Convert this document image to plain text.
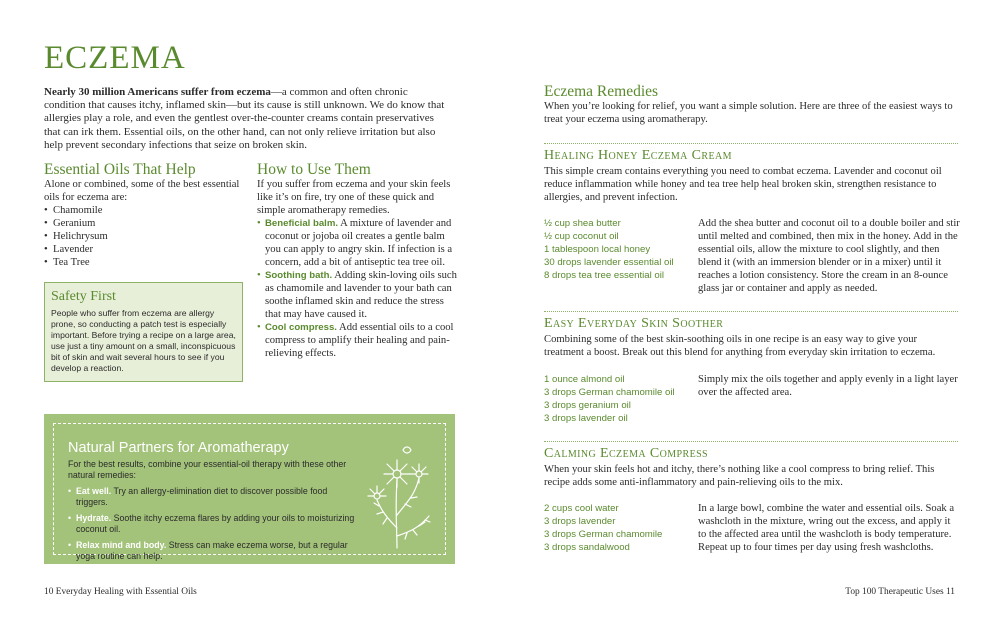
ECZEMA

Nearly 30 million Americans suffer from eczema—a common and often chronic condition that causes itchy, inflamed skin—but its cause is still unknown. We do know that allergies play a role, and even the gentlest over-the-counter creams contain preservatives that can irk them. Essential oils, on the other hand, can not only relieve irritation but also help prevent secondary infections that seize on broken skin.

Essential Oils That Help
Alone or combined, some of the best essential oils for eczema are:
• Chamomile
• Geranium
• Helichrysum
• Lavender
• Tea Tree
Safety First
People who suffer from eczema are allergy prone, so conducting a patch test is especially important. Before trying a recipe on a large area, use just a tiny amount on a small, inconspicuous bit of skin and wait several hours to see if you develop a reaction.
How to Use Them
If you suffer from eczema and your skin feels like it’s on fire, try one of these quick and simple aromatherapy remedies.
• Beneficial balm. A mixture of lavender and coconut or jojoba oil creates a gentle balm you can apply to angry skin. If infection is a concern, add a bit of antiseptic tea tree oil.
• Soothing bath. Adding skin-loving oils such as chamomile and lavender to your bath can soothe inflamed skin and reduce the stress that may have caused it.
• Cool compress. Add essential oils to a cool compress to amplify their healing and pain-relieving effects.
Natural Partners for Aromatherapy
For the best results, combine your essential-oil therapy with these other natural remedies:
• Eat well. Try an allergy-elimination diet to discover possible food triggers.
• Hydrate. Soothe itchy eczema flares by adding your oils to moisturizing coconut oil.
• Relax mind and body. Stress can make eczema worse, but a regular yoga routine can help.
10 Everyday Healing with Essential Oils
Eczema Remedies
When you’re looking for relief, you want a simple solution. Here are three of the easiest ways to treat your eczema using aromatherapy.
Healing Honey Eczema Cream
This simple cream contains everything you need to combat eczema. Lavender and coconut oil reduce inflammation while honey and tea tree help heal broken skin, strengthen resistance to allergies, and prevent infection.
½ cup shea butter
½ cup coconut oil
1 tablespoon local honey
30 drops lavender essential oil
8 drops tea tree essential oil
Add the shea butter and coconut oil to a double boiler and stir until melted and combined, then mix in the honey. Add in the essential oils, allow the mixture to cool slightly, and then blend it (with an immersion blender or in a mixer) until it reaches a lotion consistency. Store the cream in an 8-ounce glass jar or container and apply as needed.
Easy Everyday Skin Soother
Combining some of the best skin-soothing oils in one recipe is an easy way to give your treatment a boost. Break out this blend for anything from everyday skin irritation to eczema.
1 ounce almond oil
3 drops German chamomile oil
3 drops geranium oil
3 drops lavender oil
Simply mix the oils together and apply evenly in a light layer over the affected area.
Calming Eczema Compress
When your skin feels hot and itchy, there’s nothing like a cool compress to bring relief. This recipe adds some anti-inflammatory and pain-relieving oils to the mix.
2 cups cool water
3 drops lavender
3 drops German chamomile
3 drops sandalwood
In a large bowl, combine the water and essential oils. Soak a washcloth in the mixture, wring out the excess, and apply it to the affected area until the washcloth is body temperature. Repeat up to four times per day using fresh washcloths.
Top 100 Therapeutic Uses 11
